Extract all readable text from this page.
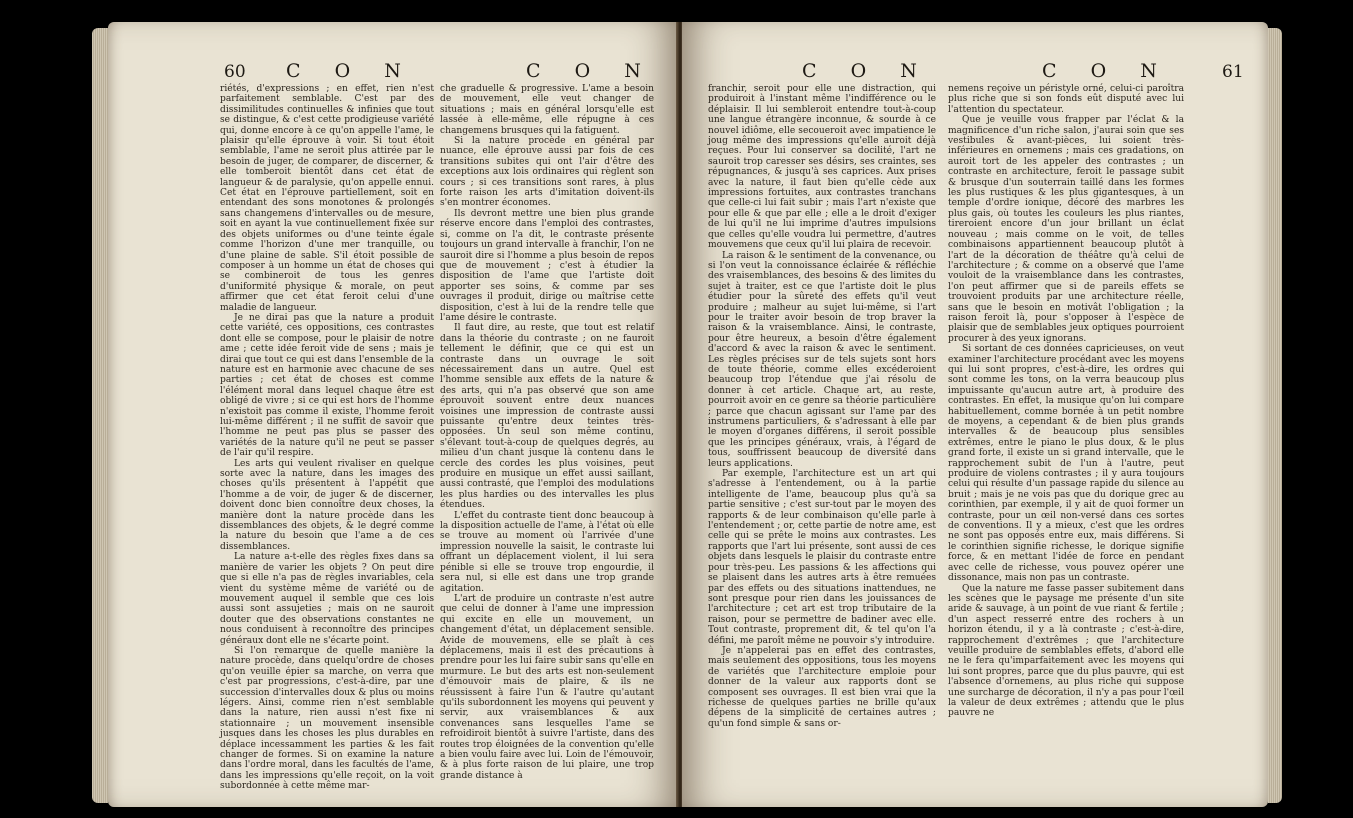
60 C O N	C O N

riétés, d'expressions ; en effet, rien n'est parfaitement semblable. C'est par des dissimilitudes continuelles & infinies que tout se distingue, & c'est cette prodigieuse variété qui, donne encore à ce qu'on appelle l'ame, le plaisir qu'elle éprouve à voir. Si tout étoit semblable, l'ame ne seroit plus attirée par le besoin de juger, de comparer, de discerner, & elle tomberoit bientôt dans cet état de langueur & de paralysie, qu'on appelle ennui. Cet état en l'éprouve partiellement, soit en entendant des sons monotones & prolongés sans changemens d'intervalles ou de mesure, soit en ayant la vue continuellement fixée sur des objets uniformes ou d'une teinte égale comme l'horizon d'une mer tranquille, ou d'une plaine de sable. S'il étoit possible de composer à un homme un état de choses qui se combineroit de tous les genres d'uniformité physique & morale, on peut affirmer que cet état feroit celui d'une maladie de langueur.

Je ne dirai pas que la nature a produit cette variété, ces oppositions, ces contrastes dont elle se compose, pour le plaisir de notre ame ; cette idée feroit vide de sens ; mais je dirai que tout ce qui est dans l'ensemble de la nature est en harmonie avec chacune de ses parties ; cet état de choses est comme l'élément moral dans lequel chaque être est obligé de vivre ; si ce qui est hors de l'homme n'existoit pas comme il existe, l'homme feroit lui-même différent ; il ne suffit de savoir que l'homme ne peut pas plus se passer des variétés de la nature qu'il ne peut se passer de l'air qu'il respire.

Les arts qui veulent rivaliser en quelque sorte avec la nature, dans les images des choses qu'ils présentent à l'appétit que l'homme a de voir, de juger & de discerner, doivent donc bien connoître deux choses, la manière dont la nature procède dans les dissemblances des objets, & le degré comme la nature du besoin que l'ame a de ces dissemblances.

La nature a-t-elle des règles fixes dans sa manière de varier les objets ? On peut dire que si elle n'a pas de règles invariables, cela vient du système même de variété ou de mouvement auquel il semble que ces lois aussi sont assujeties ; mais on ne sauroit douter que des observations constantes ne nous conduisent à reconnoître des principes généraux dont elle ne s'écarte point.

Si l'on remarque de quelle manière la nature procède, dans quelqu'ordre de choses qu'on veuille épier sa marche, on verra que c'est par progressions, c'est-à-dire, par une succession d'intervalles doux & plus ou moins légers. Ainsi, comme rien n'est semblable dans la nature, rien aussi n'est fixe ni stationnaire ; un mouvement insensible jusques dans les choses les plus durables en déplace incessamment les parties & les fait changer de formes. Si on examine la nature dans l'ordre moral, dans les facultés de l'ame, dans les impressions qu'elle reçoit, on la voit subordonnée à cette même mar-

che graduelle & progressive. L'ame a besoin de mouvement, elle veut changer de situations ; mais en général lorsqu'elle est lassée à elle-même, elle répugne à ces changemens brusques qui la fatiguent.

Si la nature procède en général par nuance, elle éprouve aussi par fois de ces transitions subites qui ont l'air d'être des exceptions aux lois ordinaires qui règlent son cours ; si ces transitions sont rares, à plus forte raison les arts d'imitation doivent-ils s'en montrer économes.

Ils devront mettre une bien plus grande réserve encore dans l'emploi des contrastes, si, comme on l'a dit, le contraste présente toujours un grand intervalle à franchir, l'on ne sauroit dire si l'homme a plus besoin de repos que de mouvement ; c'est à étudier la disposition de l'ame que l'artiste doit apporter ses soins, & comme par ses ouvrages il produit, dirige ou maîtrise cette disposition, c'est à lui de la rendre telle que l'ame désire le contraste.

Il faut dire, au reste, que tout est relatif dans la théorie du contraste ; on ne fauroit tellement le définir, que ce qui est un contraste dans un ouvrage le soit nécessairement dans un autre. Quel est l'homme sensible aux effets de la nature & des arts, qui n'a pas observé que son ame éprouvoit souvent entre deux nuances voisines une impression de contraste aussi puissante qu'entre deux teintes très-opposées. Un seul son même continu, s'élevant tout-à-coup de quelques degrés, au milieu d'un chant jusque là contenu dans le cercle des cordes les plus voisines, peut produire en musique un effet aussi saillant, aussi contrasté, que l'emploi des modulations les plus hardies ou des intervalles les plus étendues.

L'effet du contraste tient donc beaucoup à la disposition actuelle de l'ame, à l'état où elle se trouve au moment où l'arrivée d'une impression nouvelle la saisit, le contraste lui offrant un déplacement violent, il lui sera pénible si elle se trouve trop engourdie, il sera nul, si elle est dans une trop grande agitation.

L'art de produire un contraste n'est autre que celui de donner à l'ame une impression qui excite en elle un mouvement, un changement d'état, un déplacement sensible. Avide de mouvemens, elle se plaît à ces déplacemens, mais il est des précautions à prendre pour les lui faire subir sans qu'elle en murmure. Le but des arts est non-seulement d'émouvoir mais de plaire, & ils ne réussissent à faire l'un & l'autre qu'autant qu'ils subordonnent les moyens qui peuvent y servir, aux vraisemblances & aux convenances sans lesquelles l'ame se refroidiroit bientôt à suivre l'artiste, dans des routes trop éloignées de la convention qu'elle a bien voulu faire avec lui. Loin de l'émouvoir, & à plus forte raison de lui plaire, une trop grande distance à

C O N	C O N	61

franchir, seroit pour elle une distraction, qui produiroit à l'instant même l'indifférence ou le déplaisir. Il lui sembleroit entendre tout-à-coup une langue étrangère inconnue, & sourde à ce nouvel idiôme, elle secoueroit avec impatience le joug même des impressions qu'elle auroit déjà reçues. Pour lui conserver sa docilité, l'art ne sauroit trop caresser ses désirs, ses craintes, ses répugnances, & jusqu'à ses caprices. Aux prises avec la nature, il faut bien qu'elle cède aux impressions fortuites, aux contrastes tranchans que celle-ci lui fait subir ; mais l'art n'existe que pour elle & que par elle ; elle a le droit d'exiger de lui qu'il ne lui imprime d'autres impulsions que celles qu'elle voudra lui permettre, d'autres mouvemens que ceux qu'il lui plaira de recevoir.

La raison & le sentiment de la convenance, ou si l'on veut la connoissance éclairée & réfléchie des vraisemblances, des besoins & des limites du sujet à traiter, est ce que l'artiste doit le plus étudier pour la sûreté des effets qu'il veut produire ; malheur au sujet lui-même, si l'art pour le traiter avoir besoin de trop braver la raison & la vraisemblance. Ainsi, le contraste, pour être heureux, a besoin d'être également d'accord & avec la raison & avec le sentiment. Les règles précises sur de tels sujets sont hors de toute théorie, comme elles excéderoient beaucoup trop l'étendue que j'ai résolu de donner à cet article. Chaque art, au reste, pourroit avoir en ce genre sa théorie particulière ; parce que chacun agissant sur l'ame par des instrumens particuliers, & s'adressant à elle par le moyen d'organes différens, il seroit possible que les principes généraux, vrais, à l'égard de tous, souffrissent beaucoup de diversité dans leurs applications.

Par exemple, l'architecture est un art qui s'adresse à l'entendement, ou à la partie intelligente de l'ame, beaucoup plus qu'à sa partie sensitive ; c'est sur-tout par le moyen des rapports & de leur combinaison qu'elle parle à l'entendement ; or, cette partie de notre ame, est celle qui se prête le moins aux contrastes. Les rapports que l'art lui présente, sont aussi de ces objets dans lesquels le plaisir du contraste entre pour très-peu. Les passions & les affections qui se plaisent dans les autres arts à être remuées par des effets ou des situations inattendues, ne sont presque pour rien dans les jouissances de l'architecture ; cet art est trop tributaire de la raison, pour se permettre de badiner avec elle. Tout contraste, proprement dit, & tel qu'on l'a défini, me paroît même ne pouvoir s'y introduire.

Je n'appelerai pas en effet des contrastes, mais seulement des oppositions, tous les moyens de variétés que l'architecture emploie pour donner de la valeur aux rapports dont se composent ses ouvrages. Il est bien vrai que la richesse de quelques parties ne brille qu'aux dépens de la simplicité de certaines autres ; qu'un fond simple & sans or-

nemens reçoive un péristyle orné, celui-ci paroîtra plus riche que si son fonds eût disputé avec lui l'attention du spectateur.

Que je veuille vous frapper par l'éclat & la magnificence d'un riche salon, j'aurai soin que ses vestibules & avant-pièces, lui soient très-inférieures en ornemens ; mais ces gradations, on auroit tort de les appeler des contrastes ; un contraste en architecture, feroit le passage subit & brusque d'un souterrain taillé dans les formes les plus rustiques & les plus gigantesques, à un temple d'ordre ionique, décoré des marbres les plus gais, où toutes les couleurs les plus riantes, tireroient encore d'un jour brillant un éclat nouveau ; mais comme on le voit, de telles combinaisons appartiennent beaucoup plutôt à l'art de la décoration de théâtre qu'à celui de l'architecture ; & comme on a observé que l'ame vouloit de la vraisemblance dans les contrastes, l'on peut affirmer que si de pareils effets se trouvoient produits par une architecture réelle, sans que le besoin en motivât l'obligation ; la raison feroit là, pour s'opposer à l'espèce de plaisir que de semblables jeux optiques pourroient procurer à des yeux ignorans.

Si sortant de ces données capricieuses, on veut examiner l'architecture procédant avec les moyens qui lui sont propres, c'est-à-dire, les ordres qui sont comme les tons, on la verra beaucoup plus impuissante qu'aucun autre art, à produire des contrastes. En effet, la musique qu'on lui compare habituellement, comme bornée à un petit nombre de moyens, a cependant & de bien plus grands intervalles & de beaucoup plus sensibles extrêmes, entre le piano le plus doux, & le plus grand forte, il existe un si grand intervalle, que le rapprochement subit de l'un à l'autre, peut produire de violens contrastes ; il y aura toujours celui qui résulte d'un passage rapide du silence au bruit ; mais je ne vois pas que du dorique grec au corinthien, par exemple, il y ait de quoi former un contraste, pour un œil non-versé dans ces sortes de conventions. Il y a mieux, c'est que les ordres ne sont pas opposés entre eux, mais différens. Si le corinthien signifie richesse, le dorique signifie force, & en mettant l'idée de force en pendant avec celle de richesse, vous pouvez opérer une dissonance, mais non pas un contraste.

Que la nature me fasse passer subitement dans les scènes que le paysage me présente d'un site aride & sauvage, à un point de vue riant & fertile ; d'un aspect resserré entre des rochers à un horizon étendu, il y a là contraste ; c'est-à-dire, rapprochement d'extrêmes ; que l'architecture veuille produire de semblables effets, d'abord elle ne le fera qu'imparfaitement avec les moyens qui lui sont propres, parce que du plus pauvre, qui est l'absence d'ornemens, au plus riche qui suppose une surcharge de décoration, il n'y a pas pour l'œil la valeur de deux extrêmes ; attendu que le plus pauvre ne
